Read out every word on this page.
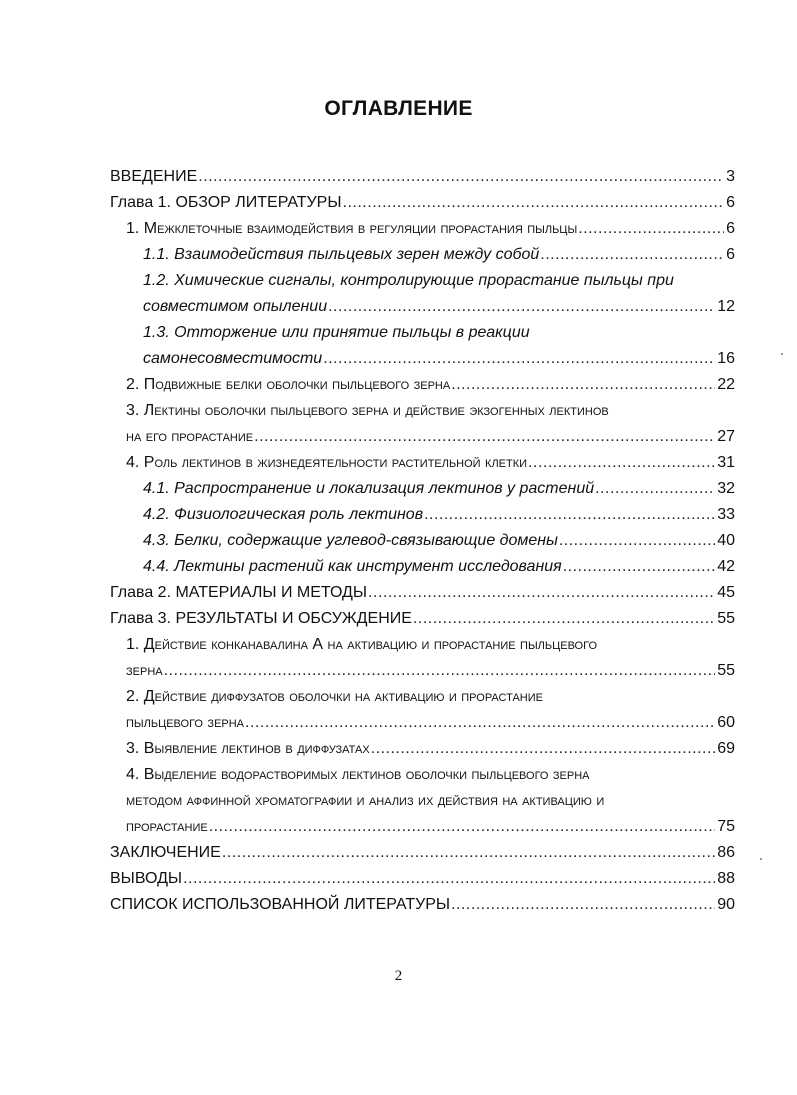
ОГЛАВЛЕНИЕ
ВВЕДЕНИЕ .....	3
Глава 1. ОБЗОР ЛИТЕРАТУРЫ .....	6
1. Межклеточные взаимодействия в регуляции прорастания пыльцы .....	6
1.1. Взаимодействия пыльцевых зерен между собой .....	6
1.2. Химические сигналы, контролирующие прорастание пыльцы при
совместимом опылении .....	12
1.3. Отторжение или принятие пыльцы в реакции
самонесовместимости .....	16
2. Подвижные белки оболочки пыльцевого зерна .....	22
3. Лектины оболочки пыльцевого зерна и действие экзогенных лектинов
на его прорастание .....	27
4. Роль лектинов в жизнедеятельности растительной клетки .....	31
4.1. Распространение и локализация лектинов у растений .....	32
4.2. Физиологическая роль лектинов .....	33
4.3. Белки, содержащие углевод-связывающие домены .....	40
4.4. Лектины растений как инструмент исследования .....	42
Глава 2. МАТЕРИАЛЫ И МЕТОДЫ .....	45
Глава 3. РЕЗУЛЬТАТЫ И ОБСУЖДЕНИЕ .....	55
1. Действие конканавалина А на активацию и прорастание пыльцевого
зерна .....	55
2. Действие диффузатов оболочки на активацию и прорастание
пыльцевого зерна .....	60
3. Выявление лектинов в диффузатах .....	69
4. Выделение водорастворимых лектинов оболочки пыльцевого зерна
методом аффинной хроматографии и анализ их действия на активацию и
прорастание .....	75
ЗАКЛЮЧЕНИЕ .....	86
ВЫВОДЫ .....	88
СПИСОК ИСПОЛЬЗОВАННОЙ ЛИТЕРАТУРЫ .....	90
2
